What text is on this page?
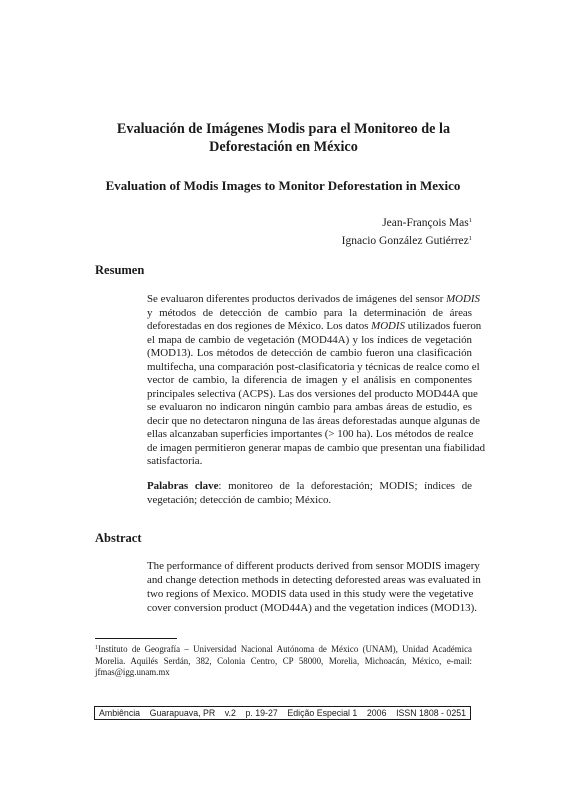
Evaluación de Imágenes Modis para el Monitoreo de la
Deforestación en México
Evaluation of Modis Images to Monitor Deforestation in Mexico
Jean-François Mas$^1$
Ignacio González Gutiérrez$^1$
Resumen
Se evaluaron diferentes productos derivados de imágenes del sensor MODIS
y métodos de detección de cambio para la determinación de áreas
deforestadas en dos regiones de México. Los datos MODIS utilizados fueron
el mapa de cambio de vegetación (MOD44A) y los índices de vegetación
(MOD13). Los métodos de detección de cambio fueron una clasificación
multifecha, una comparación post-clasificatoria y técnicas de realce como el
vector de cambio, la diferencia de imagen y el análisis en componentes
principales selectiva (ACPS). Las dos versiones del producto MOD44A que
se evaluaron no indicaron ningún cambio para ambas áreas de estudio, es
decir que no detectaron ninguna de las áreas deforestadas aunque algunas de
ellas alcanzaban superficies importantes (> 100 ha). Los métodos de realce
de imagen permitieron generar mapas de cambio que presentan una fiabilidad
satisfactoria.
Palabras clave: monitoreo de la deforestación; MODIS; índices de
vegetación; detección de cambio; México.
Abstract
The performance of different products derived from sensor MODIS imagery
and change detection methods in detecting deforested areas was evaluated in
two regions of Mexico. MODIS data used in this study were the vegetative
cover conversion product (MOD44A) and the vegetation indices (MOD13).
$^1$Instituto de Geografía – Universidad Nacional Autónoma de México (UNAM), Unidad Académica
Morelia. Aquilés Serdán, 382, Colonia Centro, CP 58000, Morelia, Michoacán, México, e-mail:
jfmas@igg.unam.mx
Ambiência Guarapuava, PR v.2 p. 19-27 Edição Especial 1 2006 ISSN 1808 - 0251
